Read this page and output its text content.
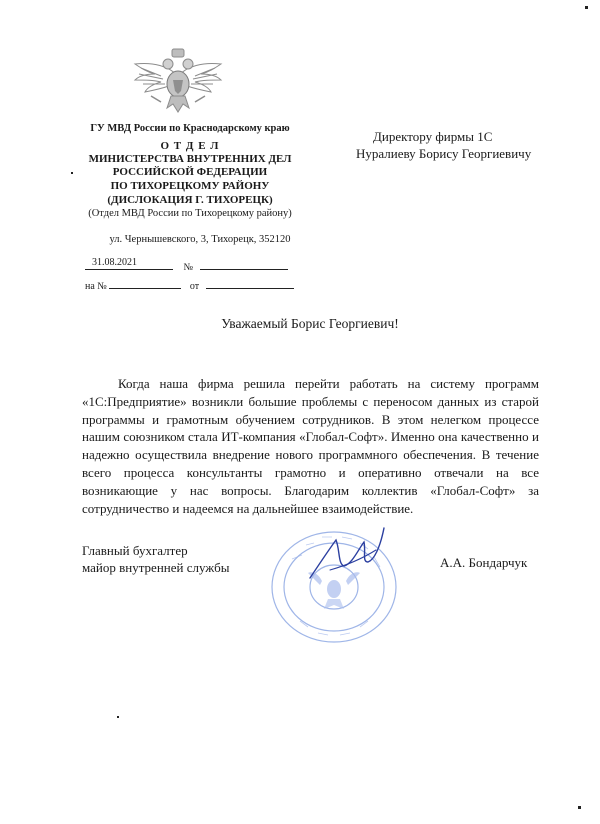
ГУ МВД России по Краснодарскому краю
О Т Д Е Л
МИНИСТЕРСТВА ВНУТРЕННИХ ДЕЛ
РОССИЙСКОЙ ФЕДЕРАЦИИ
ПО ТИХОРЕЦКОМУ РАЙОНУ
(ДИСЛОКАЦИЯ Г. ТИХОРЕЦК)
(Отдел МВД России по Тихорецкому району)
ул. Чернышевского, 3, Тихорецк, 352120
31.08.2021	№
на №	от
Директору фирмы 1С
Нуралиеву Борису Георгиевичу
Уважаемый Борис Георгиевич!
Когда наша фирма решила перейти работать на систему программ «1С:Предприятие» возникли большие проблемы с переносом данных из старой программы и грамотным обучением сотрудников. В этом нелегком процессе нашим союзником стала ИТ-компания «Глобал-Софт». Именно она качественно и надежно осуществила внедрение нового программного обеспечения. В течение всего процесса консультанты грамотно и оперативно отвечали на все возникающие у нас вопросы. Благодарим коллектив «Глобал-Софт» за сотрудничество и надеемся на дальнейшее взаимодействие.
Главный бухгалтер
майор внутренней службы	А.А. Бондарчук
